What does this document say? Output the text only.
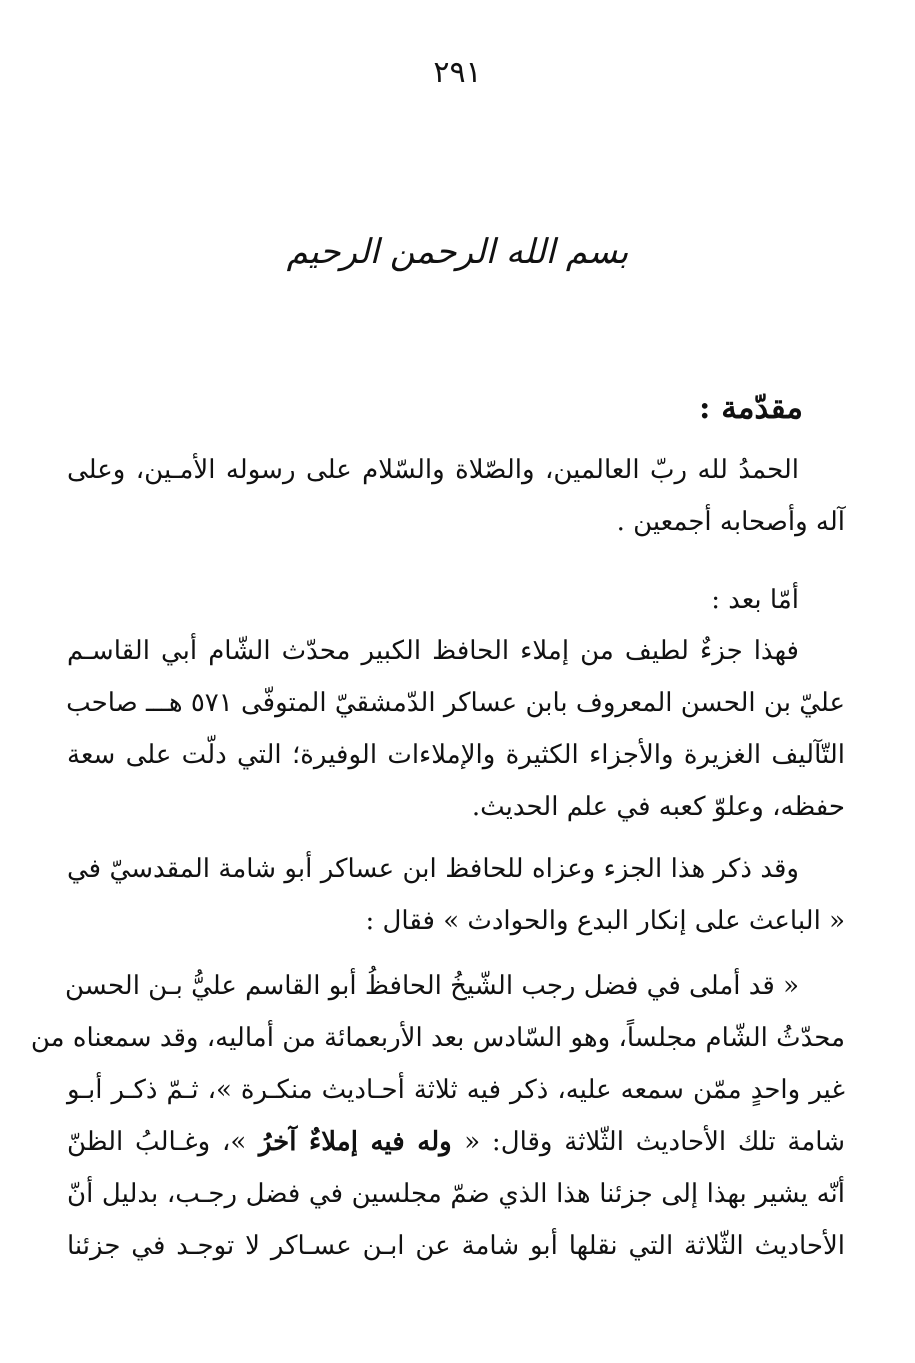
٢٩١
بسم الله الرحمن الرحيم
مقدّمة :
الحمدُ لله ربّ العالمين، والصّلاة والسّلام على رسوله الأمـين، وعلى
آله وأصحابه أجمعين .
أمّا بعد :
فهذا جزءٌ لطيف من إملاء الحافظ الكبير محدّث الشّام أبي القاسـم
عليّ بن الحسن المعروف بابن عساكر الدّمشقيّ المتوفّى ٥٧١ هـــ صاحب
التّآليف الغزيرة والأجزاء الكثيرة والإملاءات الوفيرة؛ التي دلّت على سعة
حفظه، وعلوّ كعبه في علم الحديث.
وقد ذكر هذا الجزء وعزاه للحافظ ابن عساكر أبو شامة المقدسيّ في
« الباعث على إنكار البدع والحوادث » فقال :
« قد أملى في فضل رجب الشّيخُ الحافظُ أبو القاسم عليُّ بـن الحسن
محدّثُ الشّام مجلساً، وهو السّادس بعد الأربعمائة من أماليه، وقد سمعناه من
غير واحدٍ ممّن سمعه عليه، ذكر فيه ثلاثة أحـاديث منكـرة »، ثـمّ ذكـر أبـو
شامة تلك الأحاديث الثّلاثة وقال: « وله فيه إملاءٌ آخرُ »، وغـالبُ الظنّ
أنّه يشير بهذا إلى جزئنا هذا الذي ضمّ مجلسين في فضل رجـب، بدليل أنّ
الأحاديث الثّلاثة التي نقلها أبو شامة عن ابـن عسـاكر لا توجـد في جزئنا
